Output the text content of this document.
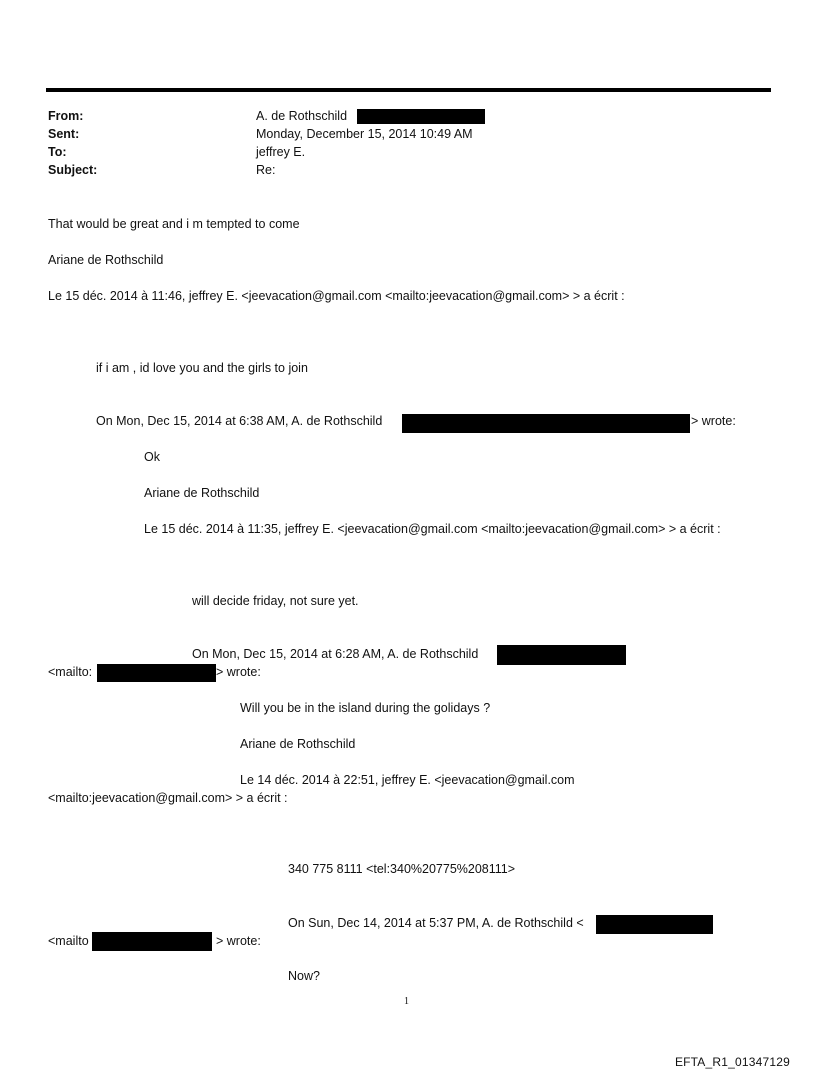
From:	A. de Rothschild
Sent:	Monday, December 15, 2014 10:49 AM
To:	jeffrey E.
Subject:	Re:
That would be great and i m tempted to come
Ariane de Rothschild
Le 15 déc. 2014 à 11:46, jeffrey E. <jeevacation@gmail.com <mailto:jeevacation@gmail.com> > a écrit :
if i am , id love you and the girls to join
On Mon, Dec 15, 2014 at 6:38 AM, A. de Rothschild	> wrote:
Ok
Ariane de Rothschild
Le 15 déc. 2014 à 11:35, jeffrey E. <jeevacation@gmail.com <mailto:jeevacation@gmail.com> > a écrit :
will decide friday, not sure yet.
On Mon, Dec 15, 2014 at 6:28 AM, A. de Rothschild
<mailto:	> wrote:
Will you be in the island during the golidays ?
Ariane de Rothschild
Le 14 déc. 2014 à 22:51, jeffrey E. <jeevacation@gmail.com
<mailto:jeevacation@gmail.com> > a écrit :
340 775 8111 <tel:340%20775%208111>
On Sun, Dec 14, 2014 at 5:37 PM, A. de Rothschild <
<mailto	> wrote:
Now?
1
EFTA_R1_01347129
